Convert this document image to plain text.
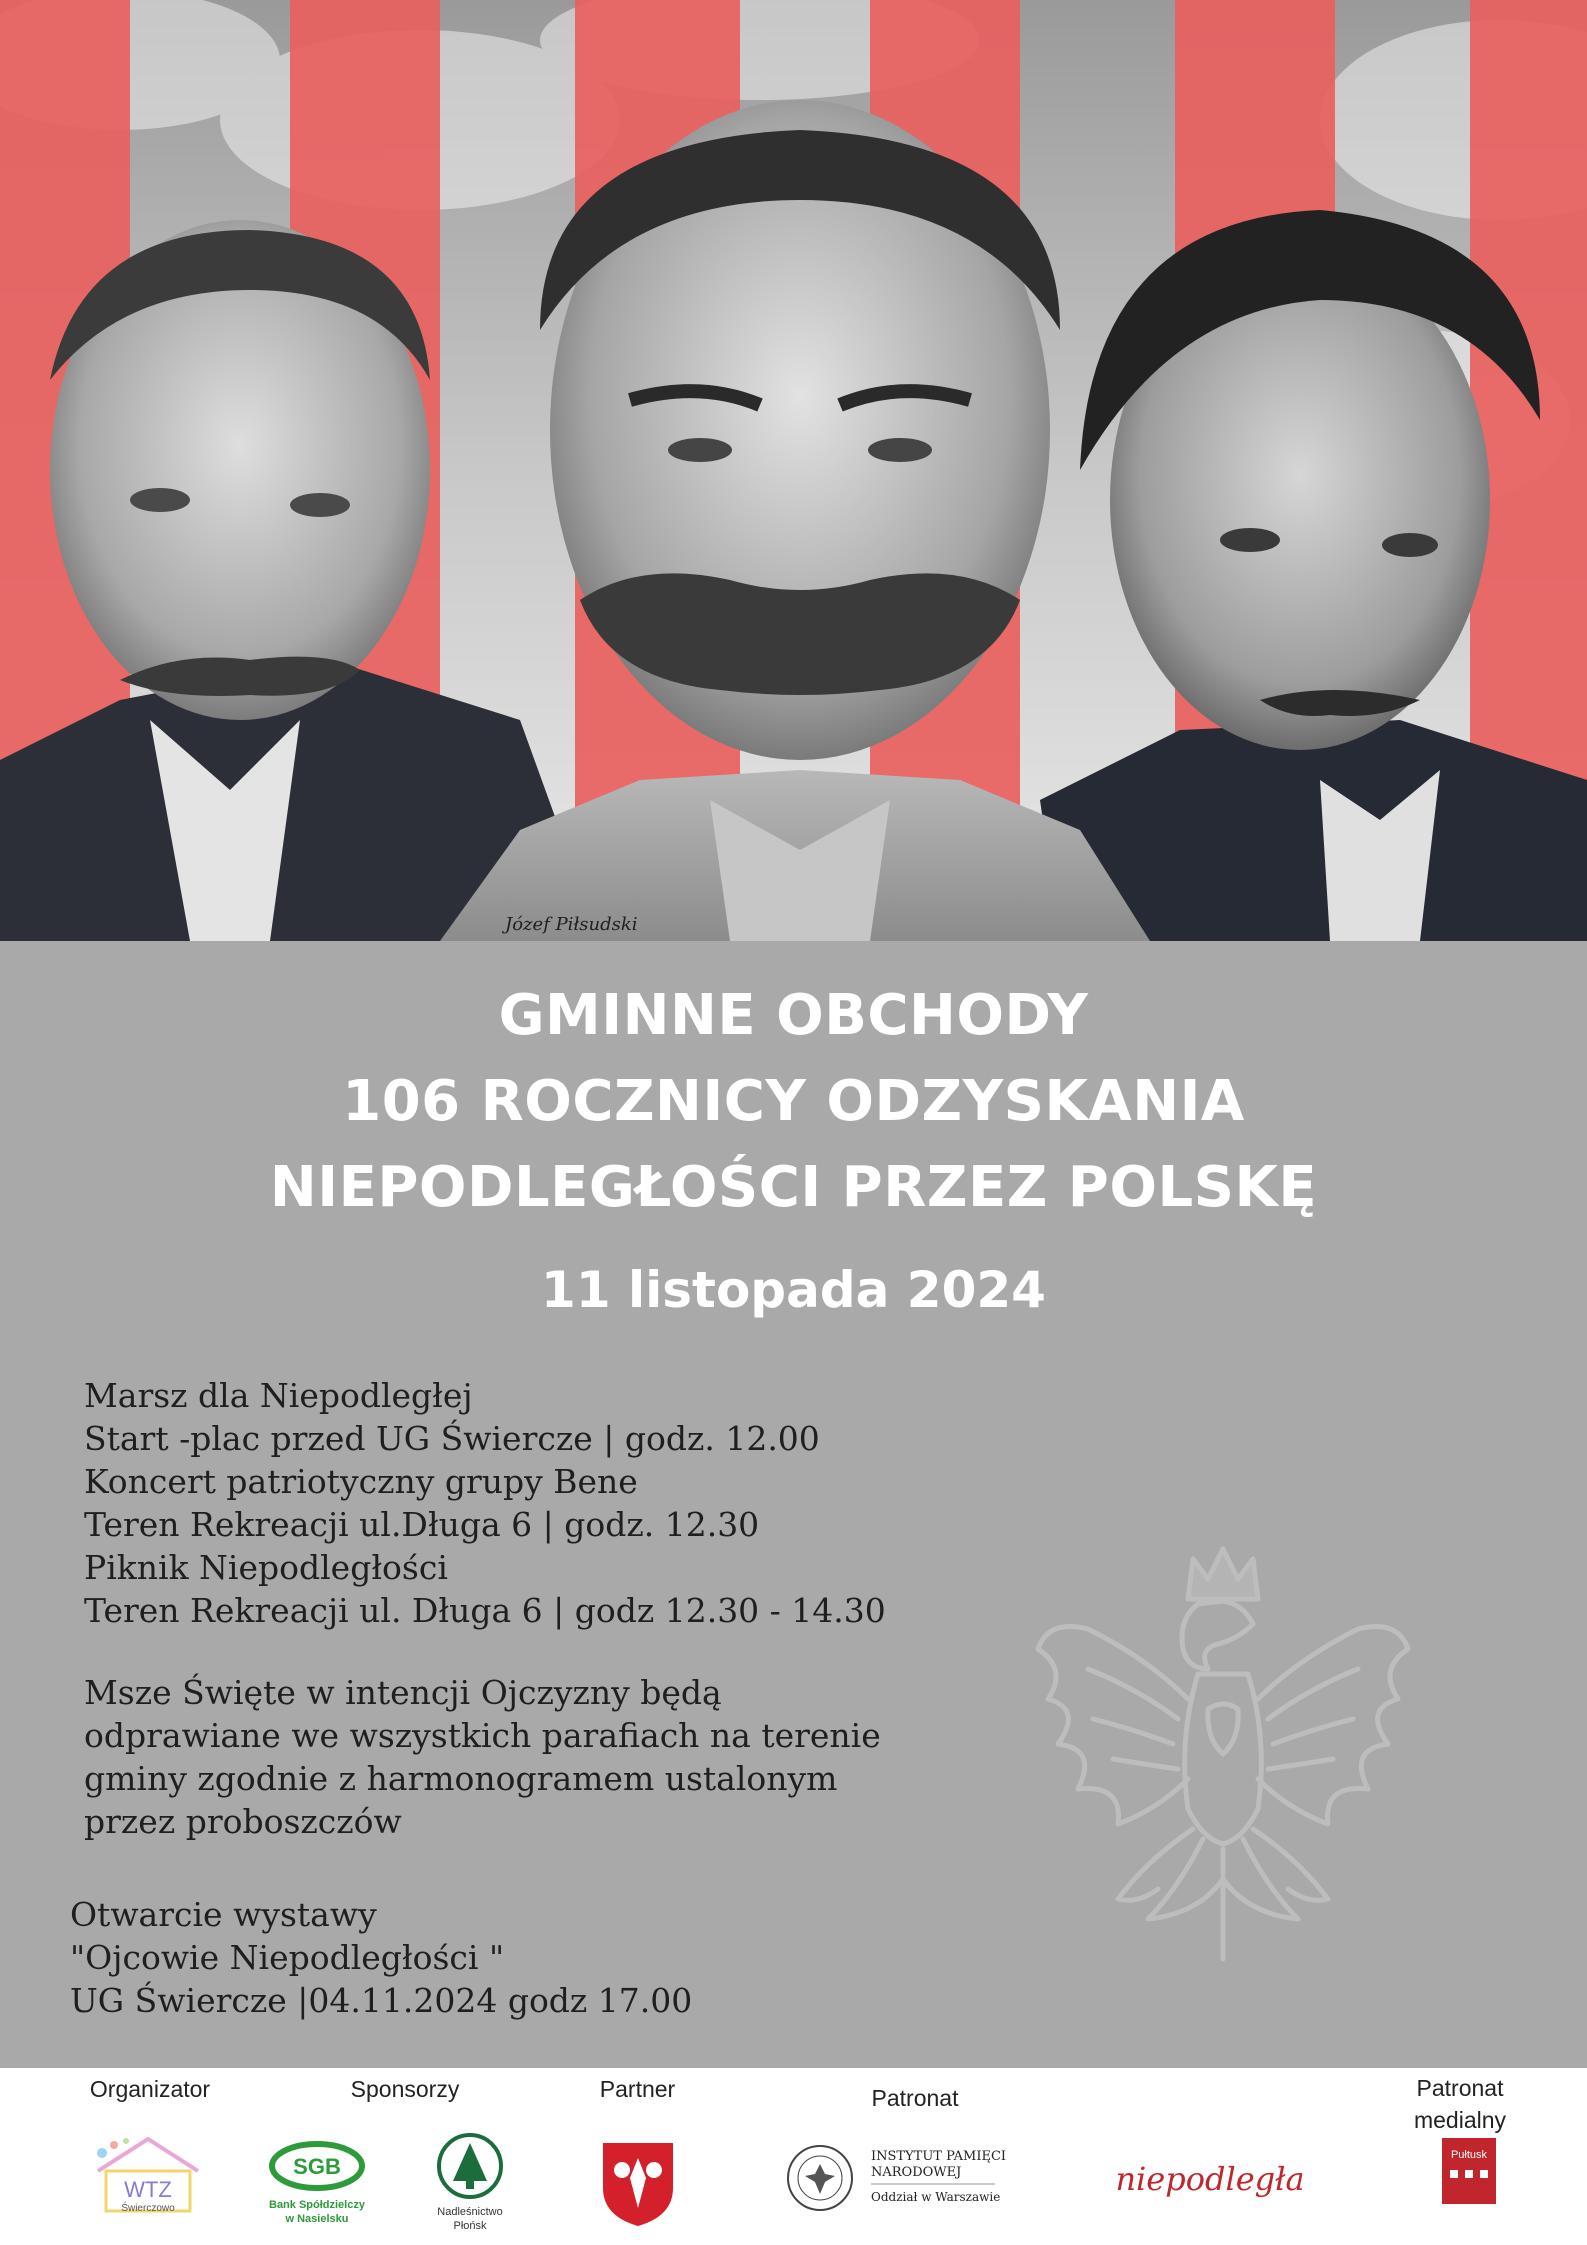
Józef Piłsudski
GMINNE OBCHODY
106 ROCZNICY ODZYSKANIA
NIEPODLEGŁOŚCI PRZEZ POLSKĘ
11 listopada 2024
Marsz dla Niepodległej
Start -plac przed UG Świercze | godz. 12.00
Koncert patriotyczny grupy Bene
Teren Rekreacji ul.Długa 6 | godz. 12.30
Piknik Niepodległości
Teren Rekreacji ul. Długa 6 | godz 12.30 - 14.30
Msze Święte w intencji Ojczyzny będą
odprawiane we wszystkich parafiach na terenie
gminy zgodnie z harmonogramem ustalonym
przez proboszczów
Otwarcie wystawy
"Ojcowie Niepodległości "
UG Świercze |04.11.2024 godz 17.00
Organizator	Sponsorzy	Partner	Patronat	Patronat
medialny
WTZ
Świerczowo
SGB
Bank Spółdzielczy
w Nasielsku
Nadleśnictwo
Płońsk
INSTYTUT PAMIĘCI
NARODOWEJ
Oddział w Warszawie	niepodległa
Pułtusk
